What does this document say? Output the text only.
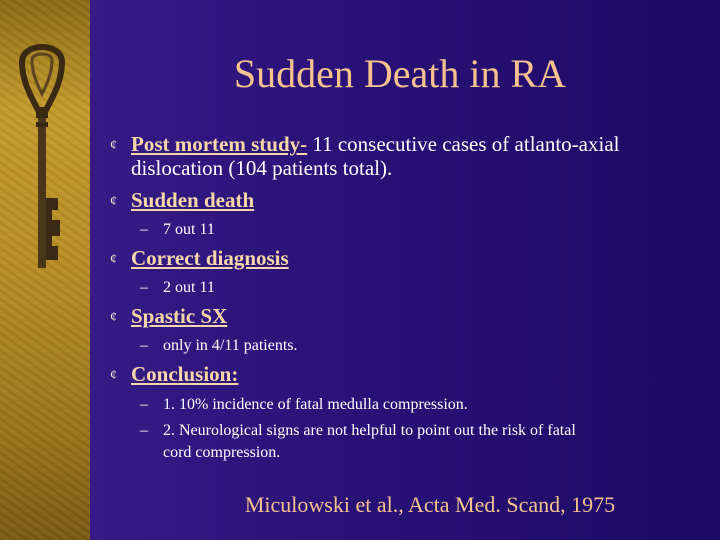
Sudden Death in RA
¢ Post mortem study- 11 consecutive cases of atlanto-axial
dislocation (104 patients total).
¢ Sudden death
– 7 out 11
¢ Correct diagnosis
– 2 out 11
¢ Spastic SX
– only in 4/11 patients.
¢ Conclusion:
– 1. 10% incidence of fatal medulla compression.
– 2. Neurological signs are not helpful to point out the risk of fatal
cord compression.
Miculowski et al., Acta Med. Scand, 1975
